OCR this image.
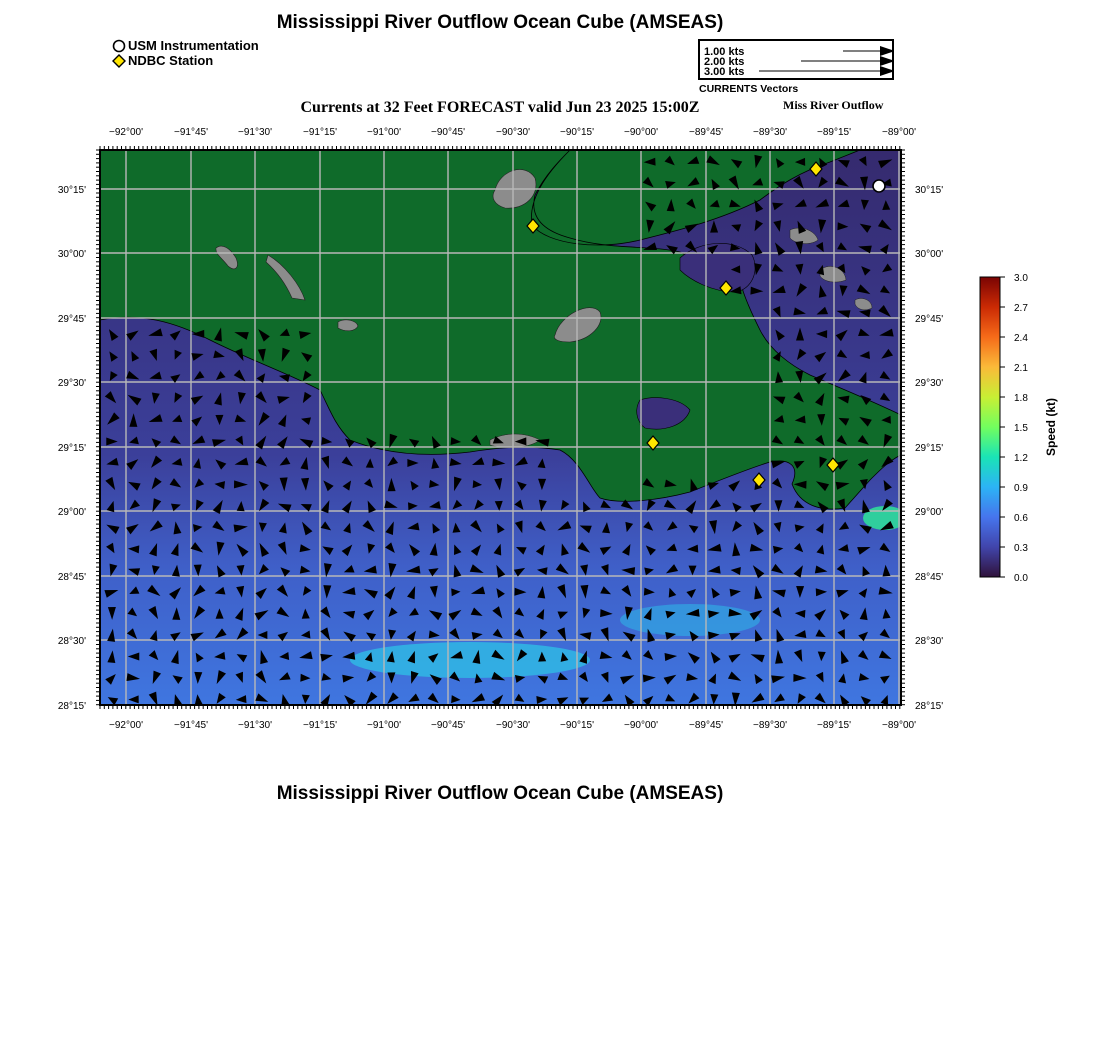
Mississippi River Outflow Ocean Cube (AMSEAS)
Mississippi River Outflow Ocean Cube (AMSEAS)
USM Instrumentation
NDBC Station
1.00 kts
2.00 kts
3.00 kts
CURRENTS Vectors
Currents at 32 Feet FORECAST valid Jun 23 2025 15:00Z	Miss River Outflow
−92°00'	−91°45'	−91°30'	−91°15'	−91°00'	−90°45'	−90°30'	−90°15'	−90°00'	−89°45'	−89°30'	−89°15'	−89°00'
−92°00'	−91°45'	−91°30'	−91°15'	−91°00'	−90°45'	−90°30'	−90°15'	−90°00'	−89°45'	−89°30'	−89°15'	−89°00'
30°15'
30°00'
29°45'
29°30'
29°15'
29°00'
28°45'
28°30'
28°15'
30°15'
30°00'
29°45'
29°30'
29°15'
29°00'
28°45'
28°30'
28°15'
3.0
2.7
2.4
2.1
1.8
1.5
1.2
0.9
0.6
0.3
0.0
Speed (kt)
